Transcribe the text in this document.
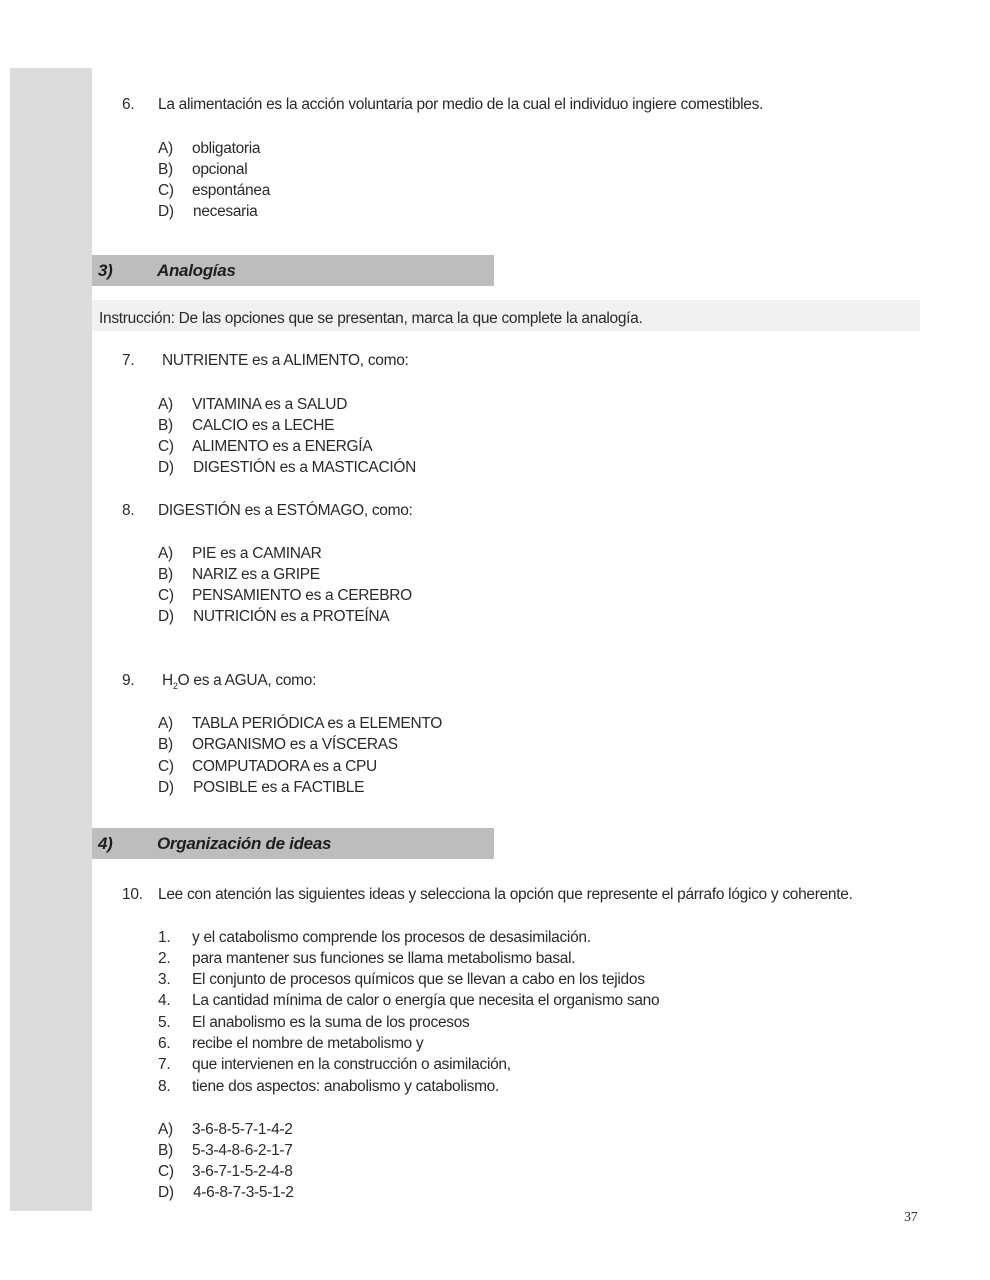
6. La alimentación es la acción voluntaria por medio de la cual el individuo ingiere comestibles.
A) obligatoria
B) opcional
C) espontánea
D) necesaria
3)	Analogías
Instrucción: De las opciones que se presentan, marca la que complete la analogía.
7. NUTRIENTE es a ALIMENTO, como:
A) VITAMINA es a SALUD
B) CALCIO es a LECHE
C) ALIMENTO es a ENERGÍA
D) DIGESTIÓN es a MASTICACIÓN
8. DIGESTIÓN es a ESTÓMAGO, como:
A) PIE es a CAMINAR
B) NARIZ es a GRIPE
C) PENSAMIENTO es a CEREBRO
D) NUTRICIÓN es a PROTEÍNA
9. $H_2O$ es a AGUA, como:
A) TABLA PERIÓDICA es a ELEMENTO
B) ORGANISMO es a VÍSCERAS
C) COMPUTADORA es a CPU
D) POSIBLE es a FACTIBLE
4)	Organización de ideas
10. Lee con atención las siguientes ideas y selecciona la opción que represente el párrafo lógico y coherente.
1. y el catabolismo comprende los procesos de desasimilación.
2. para mantener sus funciones se llama metabolismo basal.
3. El conjunto de procesos químicos que se llevan a cabo en los tejidos
4. La cantidad mínima de calor o energía que necesita el organismo sano
5. El anabolismo es la suma de los procesos
6. recibe el nombre de metabolismo y
7. que intervienen en la construcción o asimilación,
8. tiene dos aspectos: anabolismo y catabolismo.
A) 3-6-8-5-7-1-4-2
B) 5-3-4-8-6-2-1-7
C) 3-6-7-1-5-2-4-8
D) 4-6-8-7-3-5-1-2
37
